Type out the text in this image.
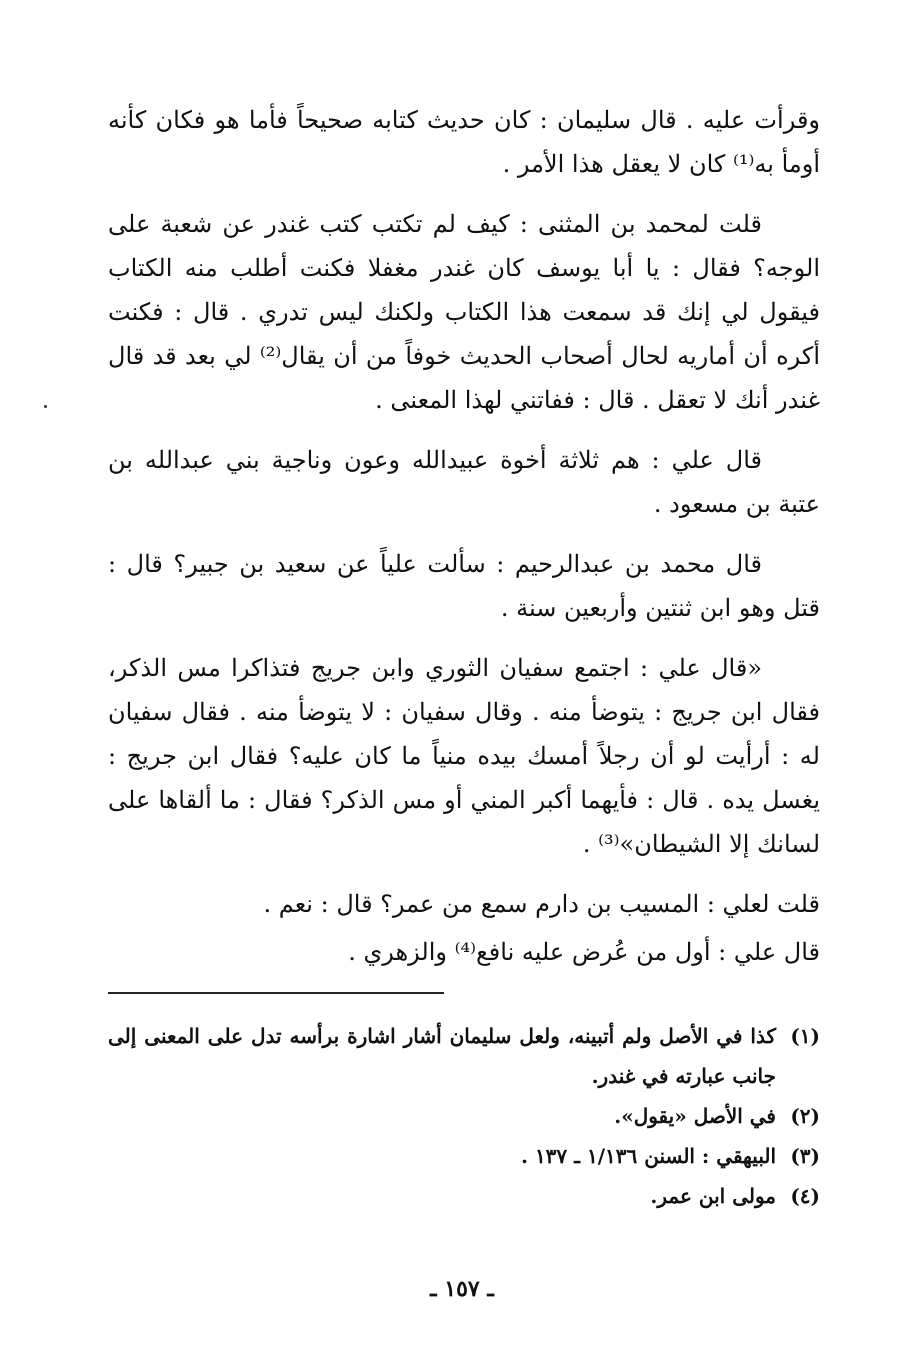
وقرأت عليه . قال سليمان : كان حديث كتابه صحيحاً فأما هو فكان كأنه أومأ به⁽¹⁾ كان لا يعقل هذا الأمر .

قلت لمحمد بن المثنى : كيف لم تكتب كتب غندر عن شعبة على الوجه؟ فقال : يا أبا يوسف كان غندر مغفلا فكنت أطلب منه الكتاب فيقول لي إنك قد سمعت هذا الكتاب ولكنك ليس تدري . قال : فكنت أكره أن أماريه لحال أصحاب الحديث خوفاً من أن يقال⁽²⁾ لي بعد قد قال غندر أنك لا تعقل . قال : ففاتني لهذا المعنى .

قال علي : هم ثلاثة أخوة عبيدالله وعون وناجية بني عبدالله بن عتبة بن مسعود .

قال محمد بن عبدالرحيم : سألت علياً عن سعيد بن جبير؟ قال : قتل وهو ابن ثنتين وأربعين سنة .

«قال علي : اجتمع سفيان الثوري وابن جريج فتذاكرا مس الذكر، فقال ابن جريج : يتوضأ منه . وقال سفيان : لا يتوضأ منه . فقال سفيان له : أرأيت لو أن رجلاً أمسك بيده منياً ما كان عليه؟ فقال ابن جريج : يغسل يده . قال : فأيهما أكبر المني أو مس الذكر؟ فقال : ما ألقاها على لسانك إلا الشيطان»⁽³⁾ .

قلت لعلي : المسيب بن دارم سمع من عمر؟ قال : نعم .

قال علي : أول من عُرض عليه نافع⁽⁴⁾ والزهري .

(١)
كذا في الأصل ولم أتبينه، ولعل سليمان أشار اشارة برأسه تدل على المعنى إلى جانب عبارته في غندر.
(٢)
في الأصل «يقول».
(٣)
البيهقي : السنن ١/١٣٦ ـ ١٣٧ .
(٤)
مولى ابن عمر.
ـ ١٥٧ ـ
